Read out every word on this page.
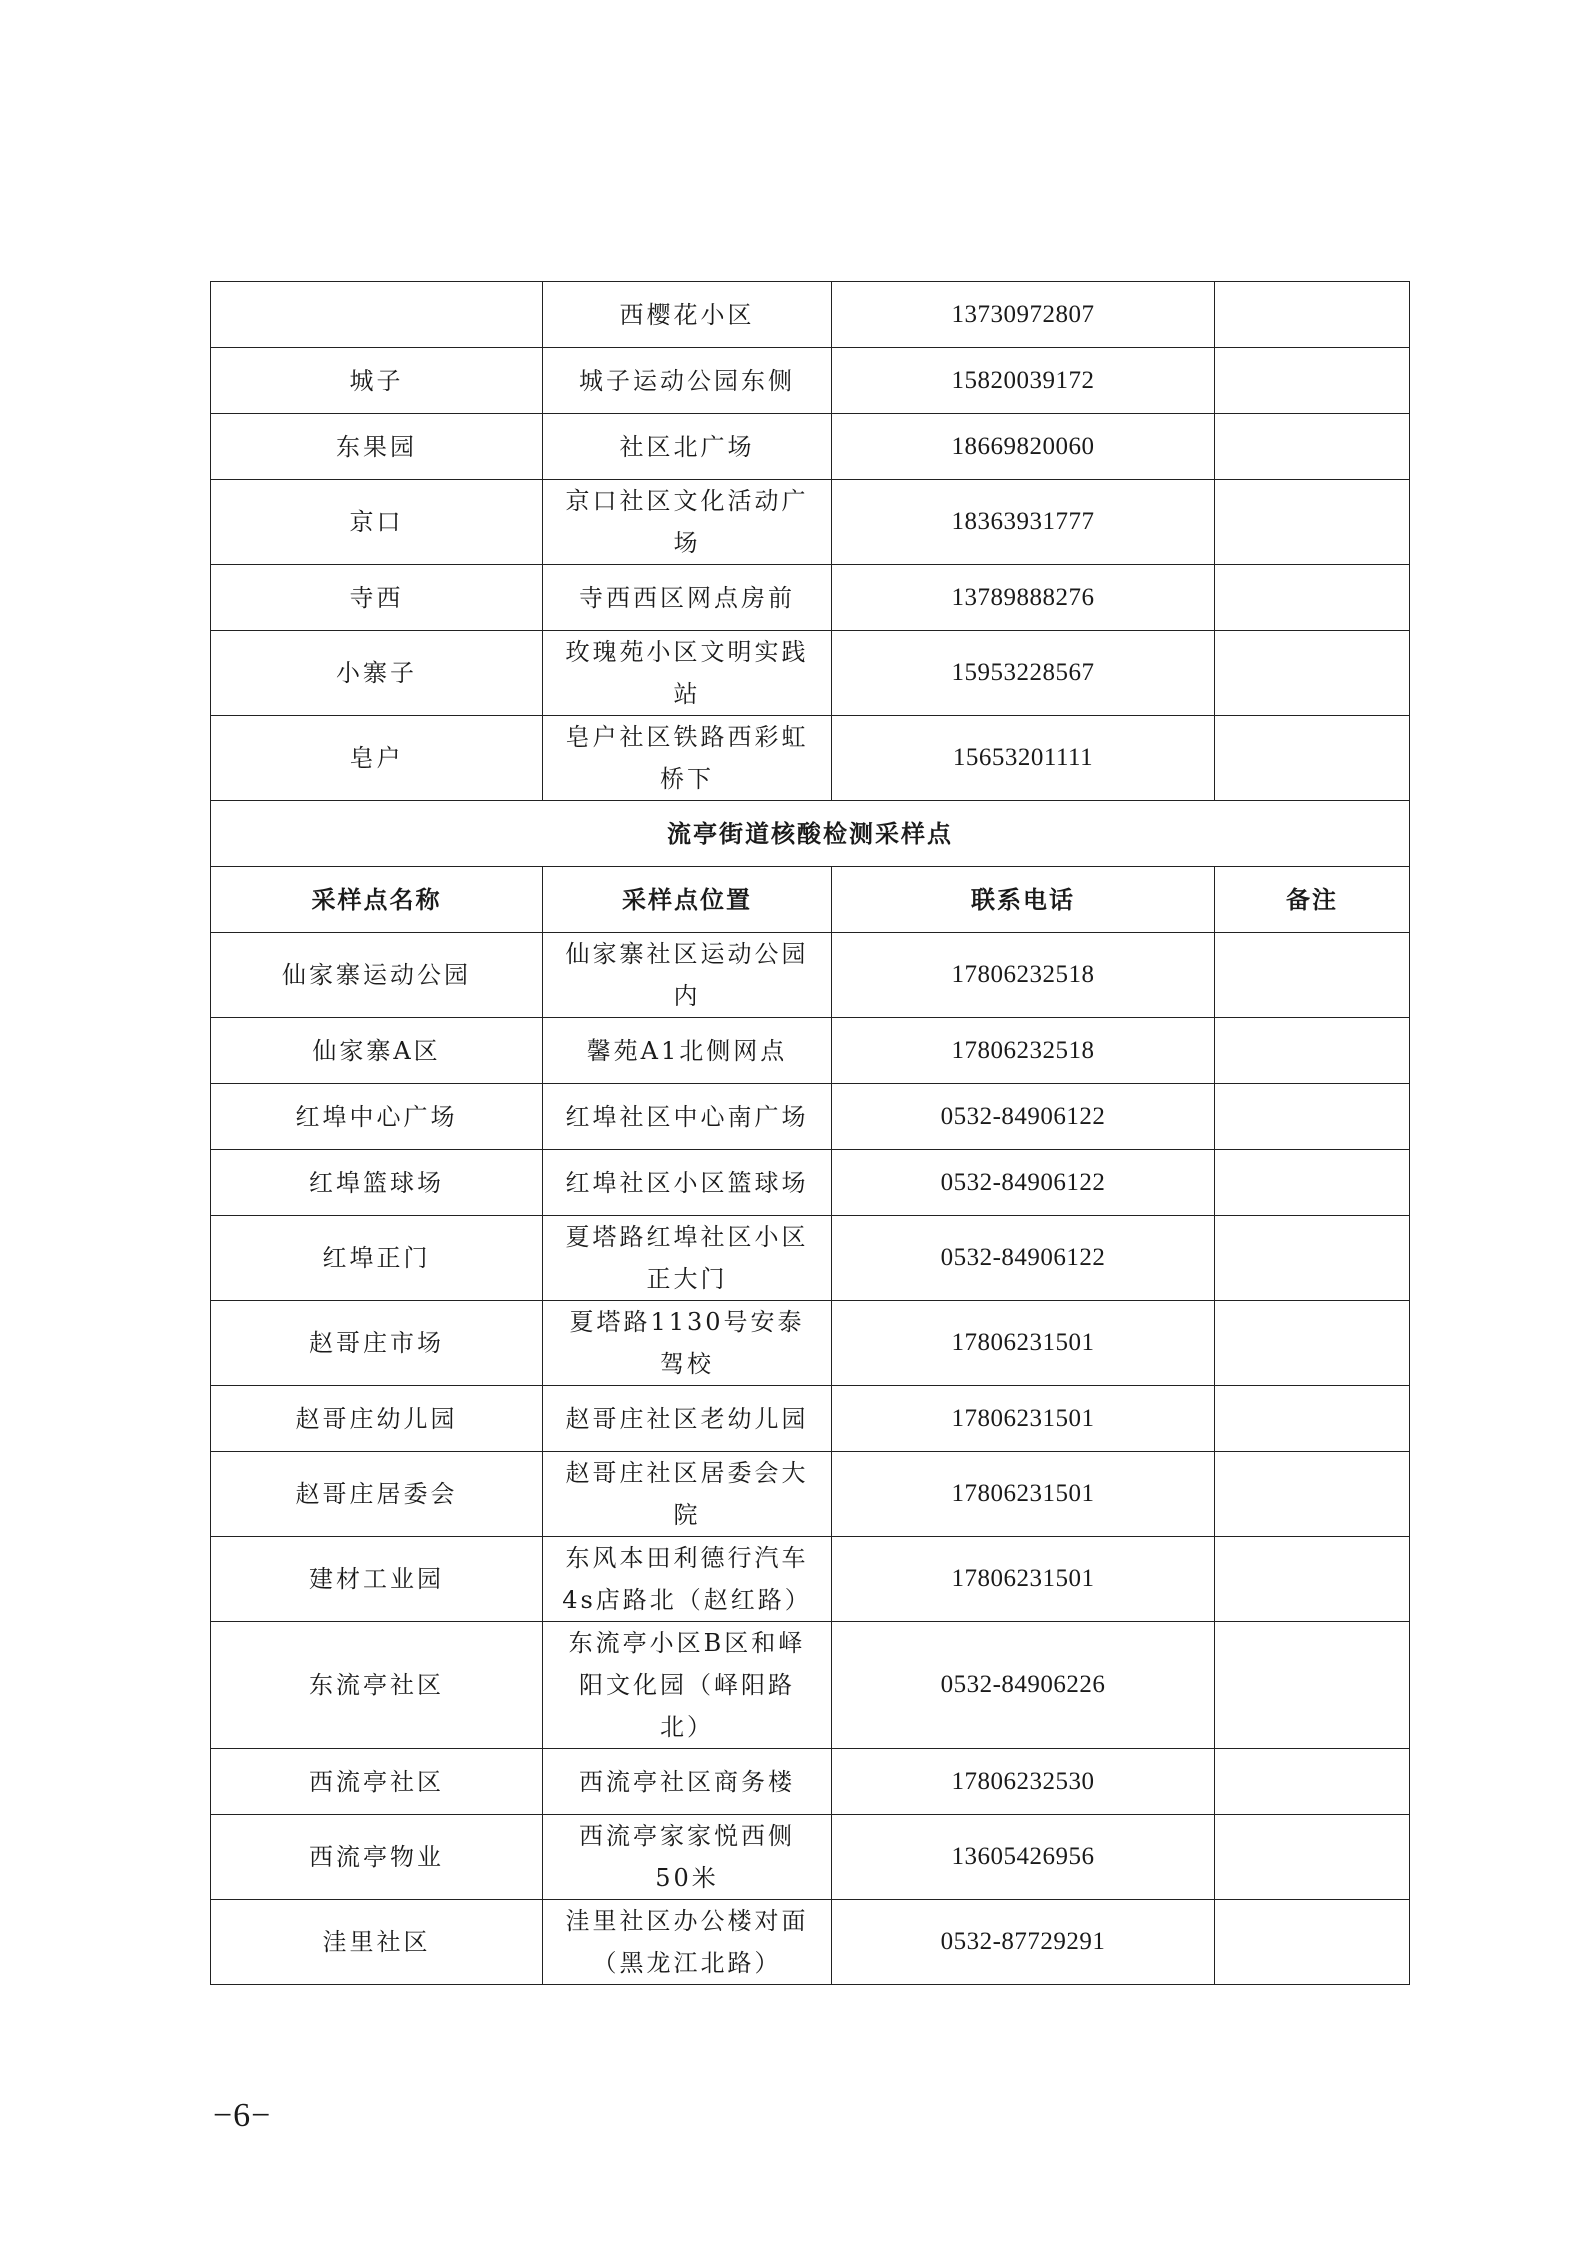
	西樱花小区	13730972807	
城子	城子运动公园东侧	15820039172	
东果园	社区北广场	18669820060	
京口	京口社区文化活动广场	18363931777	
寺西	寺西西区网点房前	13789888276	
小寨子	玫瑰苑小区文明实践站	15953228567	
皂户	皂户社区铁路西彩虹桥下	15653201111	
流亭街道核酸检测采样点			
采样点名称	采样点位置	联系电话	备注
仙家寨运动公园	仙家寨社区运动公园内	17806232518	
仙家寨A区	馨苑A1北侧网点	17806232518	
红埠中心广场	红埠社区中心南广场	0532-84906122	
红埠篮球场	红埠社区小区篮球场	0532-84906122	
红埠正门	夏塔路红埠社区小区正大门	0532-84906122	
赵哥庄市场	夏塔路1130号安泰驾校	17806231501	
赵哥庄幼儿园	赵哥庄社区老幼儿园	17806231501	
赵哥庄居委会	赵哥庄社区居委会大院	17806231501	
建材工业园	东风本田利德行汽车4s店路北（赵红路）	17806231501	
东流亭社区	东流亭小区B区和峄阳文化园（峄阳路北）	0532-84906226	
西流亭社区	西流亭社区商务楼	17806232530	
西流亭物业	西流亭家家悦西侧50米	13605426956	
洼里社区	洼里社区办公楼对面（黑龙江北路）	0532-87729291	
−6−
